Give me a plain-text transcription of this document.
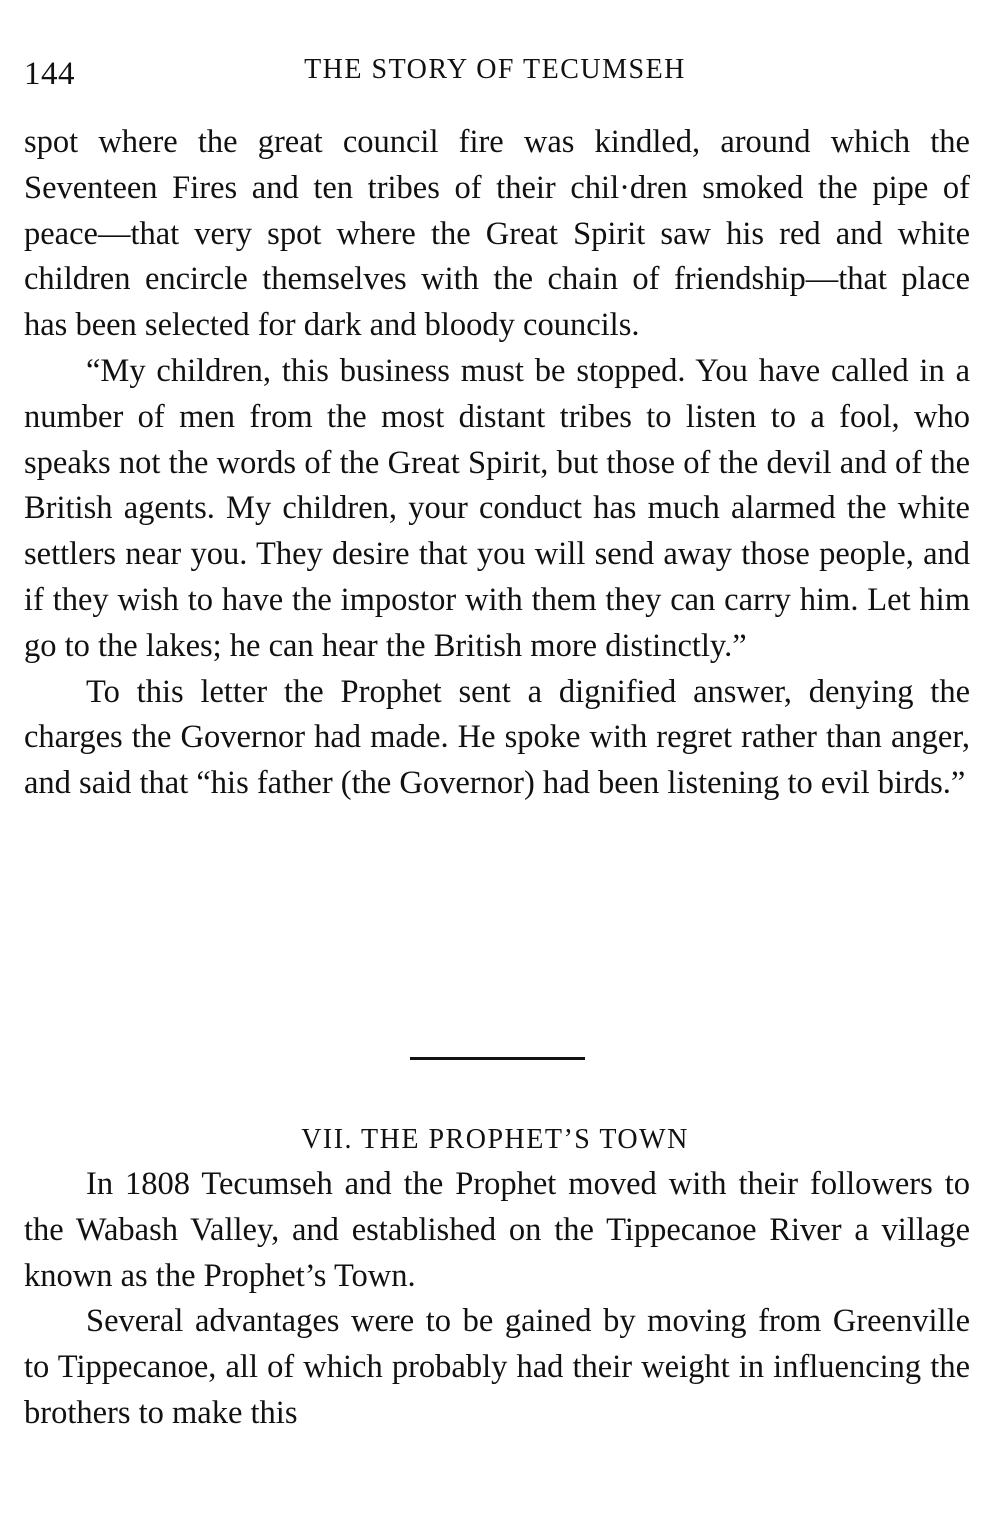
144	THE STORY OF TECUMSEH

spot where the great council fire was kindled, around which the Seventeen Fires and ten tribes of their chil·dren smoked the pipe of peace—that very spot where the Great Spirit saw his red and white children encircle themselves with the chain of friendship—that place has been selected for dark and bloody councils.

“My children, this business must be stopped. You have called in a number of men from the most distant tribes to listen to a fool, who speaks not the words of the Great Spirit, but those of the devil and of the British agents. My children, your conduct has much alarmed the white settlers near you. They desire that you will send away those people, and if they wish to have the impostor with them they can carry him. Let him go to the lakes; he can hear the British more distinctly.”

To this letter the Prophet sent a dignified answer, denying the charges the Governor had made. He spoke with regret rather than anger, and said that “his father (the Governor) had been listening to evil birds.”

VII. THE PROPHET’S TOWN

In 1808 Tecumseh and the Prophet moved with their followers to the Wabash Valley, and established on the Tippecanoe River a village known as the Prophet’s Town.

Several advantages were to be gained by moving from Greenville to Tippecanoe, all of which probably had their weight in influencing the brothers to make this
